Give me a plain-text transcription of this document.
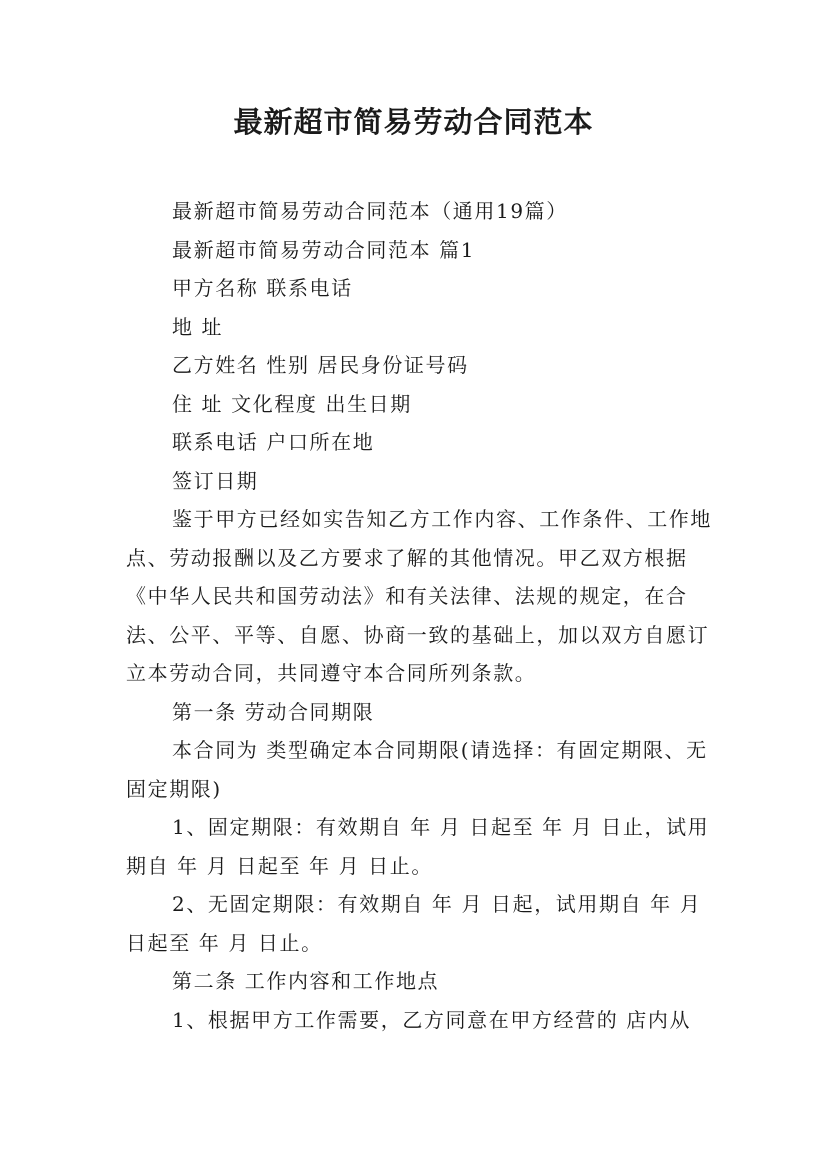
最新超市简易劳动合同范本

最新超市简易劳动合同范本（通用19篇）

最新超市简易劳动合同范本 篇1

甲方名称 联系电话

地 址

乙方姓名 性别 居民身份证号码

住 址 文化程度 出生日期

联系电话 户口所在地

签订日期

鉴于甲方已经如实告知乙方工作内容、工作条件、工作地点、劳动报酬以及乙方要求了解的其他情况。甲乙双方根据《中华人民共和国劳动法》和有关法律、法规的规定，在合法、公平、平等、自愿、协商一致的基础上，加以双方自愿订立本劳动合同，共同遵守本合同所列条款。

第一条 劳动合同期限

本合同为 类型确定本合同期限(请选择：有固定期限、无固定期限)

1、固定期限：有效期自 年 月 日起至 年 月 日止，试用期自 年 月 日起至 年 月 日止。

2、无固定期限：有效期自 年 月 日起，试用期自 年 月 日起至 年 月 日止。

第二条 工作内容和工作地点

1、根据甲方工作需要，乙方同意在甲方经营的 店内从
